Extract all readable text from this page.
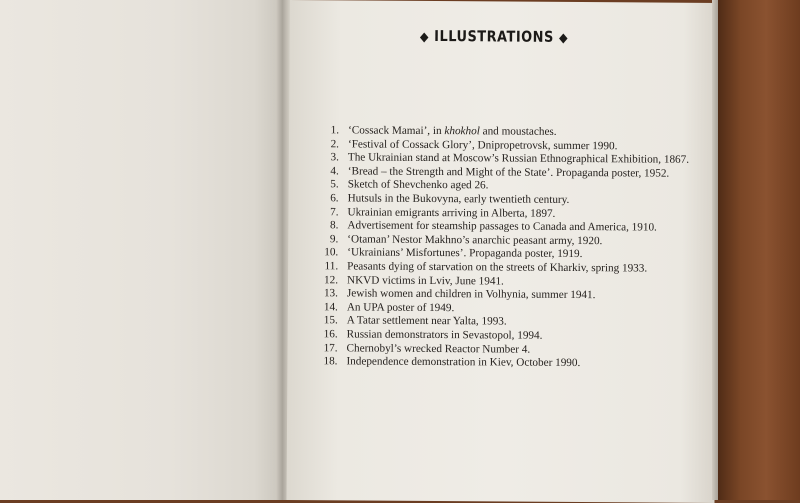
◆ ILLUSTRATIONS ◆
1. ‘Cossack Mamai’, in khokhol and moustaches.
2. ‘Festival of Cossack Glory’, Dnipropetrovsk, summer 1990.
3. The Ukrainian stand at Moscow’s Russian Ethnographical Exhibition, 1867.
4. ‘Bread – the Strength and Might of the State’. Propaganda poster, 1952.
5. Sketch of Shevchenko aged 26.
6. Hutsuls in the Bukovyna, early twentieth century.
7. Ukrainian emigrants arriving in Alberta, 1897.
8. Advertisement for steamship passages to Canada and America, 1910.
9. ‘Otaman’ Nestor Makhno’s anarchic peasant army, 1920.
10. ‘Ukrainians’ Misfortunes’. Propaganda poster, 1919.
11. Peasants dying of starvation on the streets of Kharkiv, spring 1933.
12. NKVD victims in Lviv, June 1941.
13. Jewish women and children in Volhynia, summer 1941.
14. An UPA poster of 1949.
15. A Tatar settlement near Yalta, 1993.
16. Russian demonstrators in Sevastopol, 1994.
17. Chernobyl’s wrecked Reactor Number 4.
18. Independence demonstration in Kiev, October 1990.
